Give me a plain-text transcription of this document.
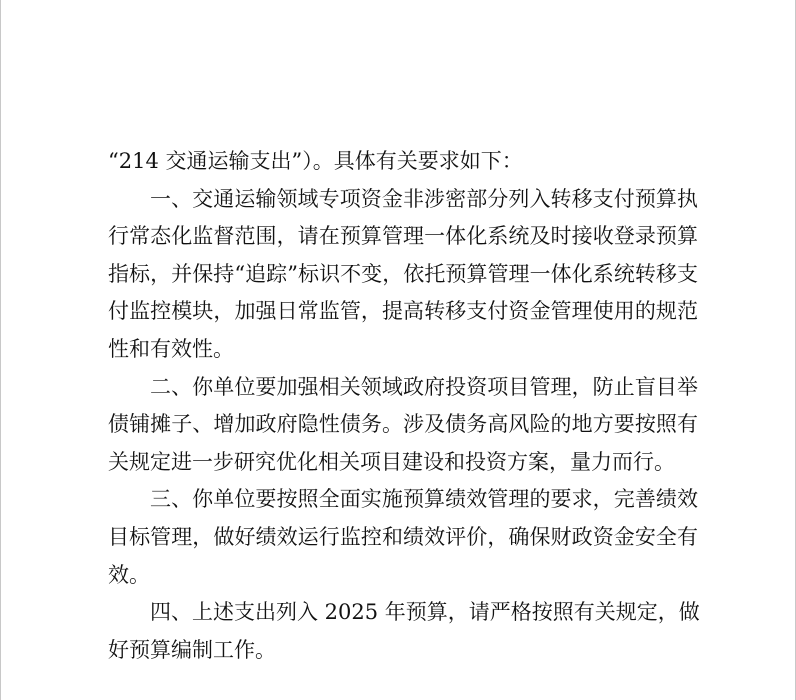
“214 交通运输支出”）。具体有关要求如下：
一、交通运输领域专项资金非涉密部分列入转移支付预算执
行常态化监督范围，请在预算管理一体化系统及时接收登录预算
指标，并保持“追踪”标识不变，依托预算管理一体化系统转移支
付监控模块，加强日常监管，提高转移支付资金管理使用的规范
性和有效性。
二、你单位要加强相关领域政府投资项目管理，防止盲目举
债铺摊子、增加政府隐性债务。涉及债务高风险的地方要按照有
关规定进一步研究优化相关项目建设和投资方案，量力而行。
三、你单位要按照全面实施预算绩效管理的要求，完善绩效
目标管理，做好绩效运行监控和绩效评价，确保财政资金安全有
效。
四、上述支出列入 2025 年预算，请严格按照有关规定，做
好预算编制工作。
